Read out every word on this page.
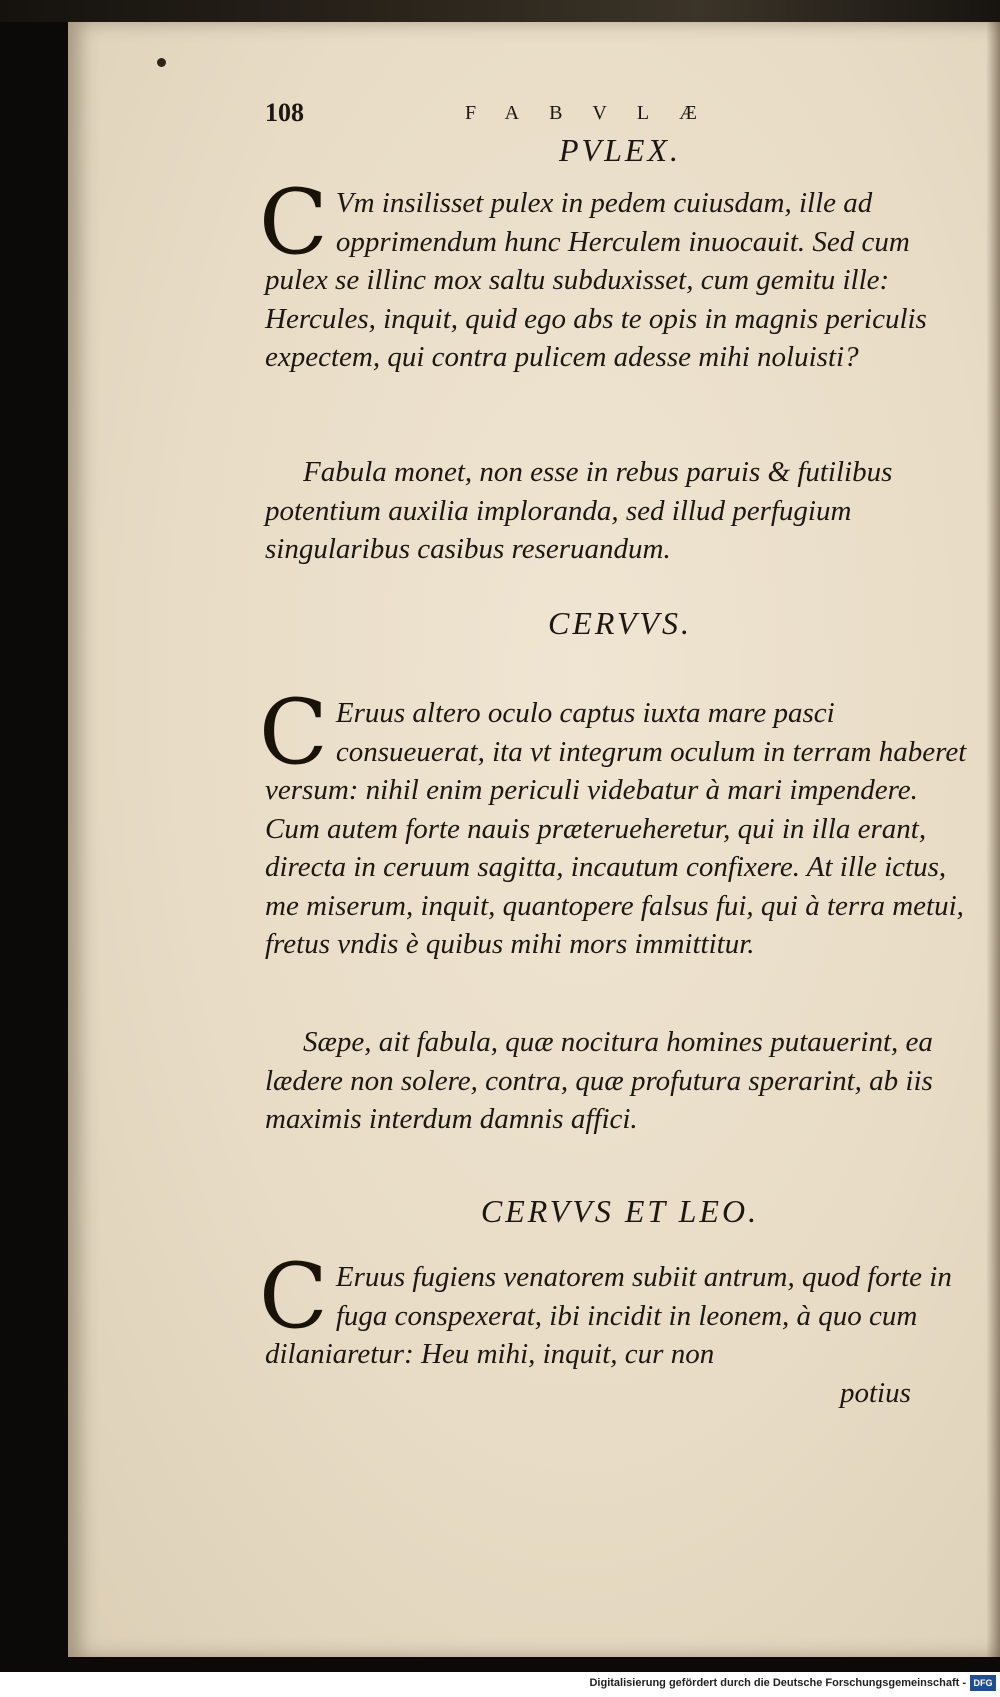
108	FABVLÆ
PVLEX.
C Vm insilisset pulex in pedem cuiusdam, ille ad opprimendum hunc Herculem inuocauit. Sed cum pulex se illinc mox saltu subduxisset, cum gemitu ille: Hercules, inquit, quid ego abs te opis in magnis periculis expectem, qui contra pulicem adesse mihi noluisti?
Fabula monet, non esse in rebus paruis & futilibus potentium auxilia imploranda, sed illud perfugium singularibus casibus reseruandum.
CERVVS.
C Eruus altero oculo captus iuxta mare pasci consueuerat, ita vt integrum oculum in terram haberet versum: nihil enim periculi videbatur à mari impendere. Cum autem forte nauis præterueheretur, qui in illa erant, directa in ceruum sagitta, incautum confixere. At ille ictus, me miserum, inquit, quantopere falsus fui, qui à terra metui, fretus vndis è quibus mihi mors immittitur.
Sæpe, ait fabula, quæ nocitura homines putauerint, ea lædere non solere, contra, quæ profutura sperarint, ab iis maximis interdum damnis affici.
CERVVS ET LEO.
C Eruus fugiens venatorem subiit antrum, quod forte in fuga conspexerat, ibi incidit in leonem, à quo cum dilaniaretur: Heu mihi, inquit, cur non
potius
Digitalisierung gefördert durch die Deutsche Forschungsgemeinschaft - DFG
